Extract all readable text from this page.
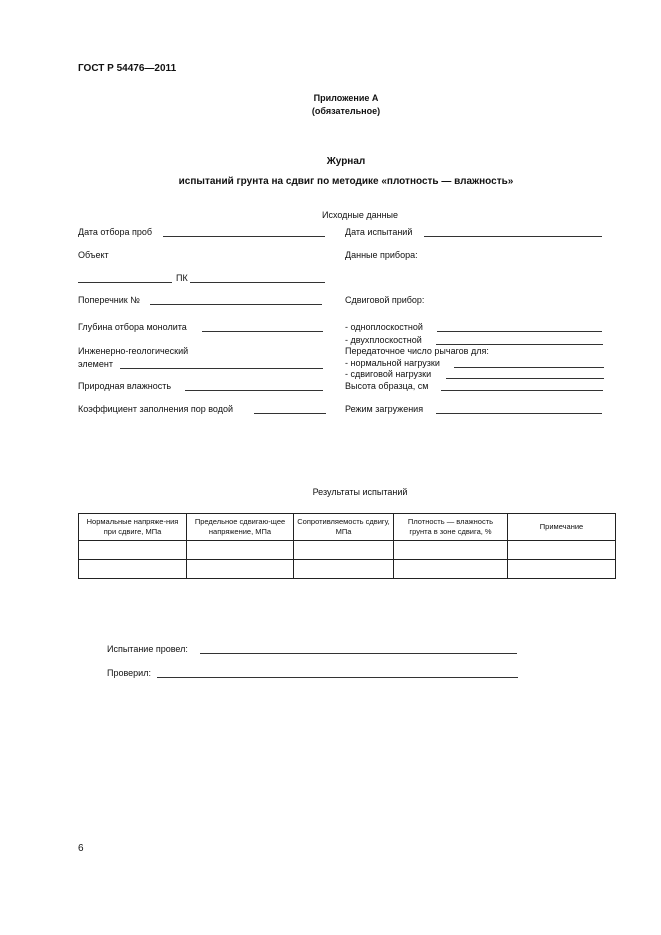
ГОСТ Р 54476—2011
Приложение А
(обязательное)
Журнал
испытаний грунта на сдвиг по методике «плотность — влажность»
Исходные данные
Дата отбора проб
Объект
ПК
Поперечник №
Глубина отбора монолита
Инженерно-геологический
элемент
Природная влажность
Коэффициент заполнения пор водой
Дата испытаний
Данные прибора:
Сдвиговой прибор:
- одноплоскостной
- двухплоскостной
Передаточное число рычагов для:
- нормальной нагрузки
- сдвиговой нагрузки
Высота образца, см
Режим загружения
Результаты испытаний
Нормальные напряже-ния при сдвиге, МПа	Предельное сдвигаю-щее напряжение, МПа	Сопротивляемость сдвигу, МПа	Плотность — влажность грунта в зоне сдвига, %	Примечание

Испытание провел:
Проверил:
6
